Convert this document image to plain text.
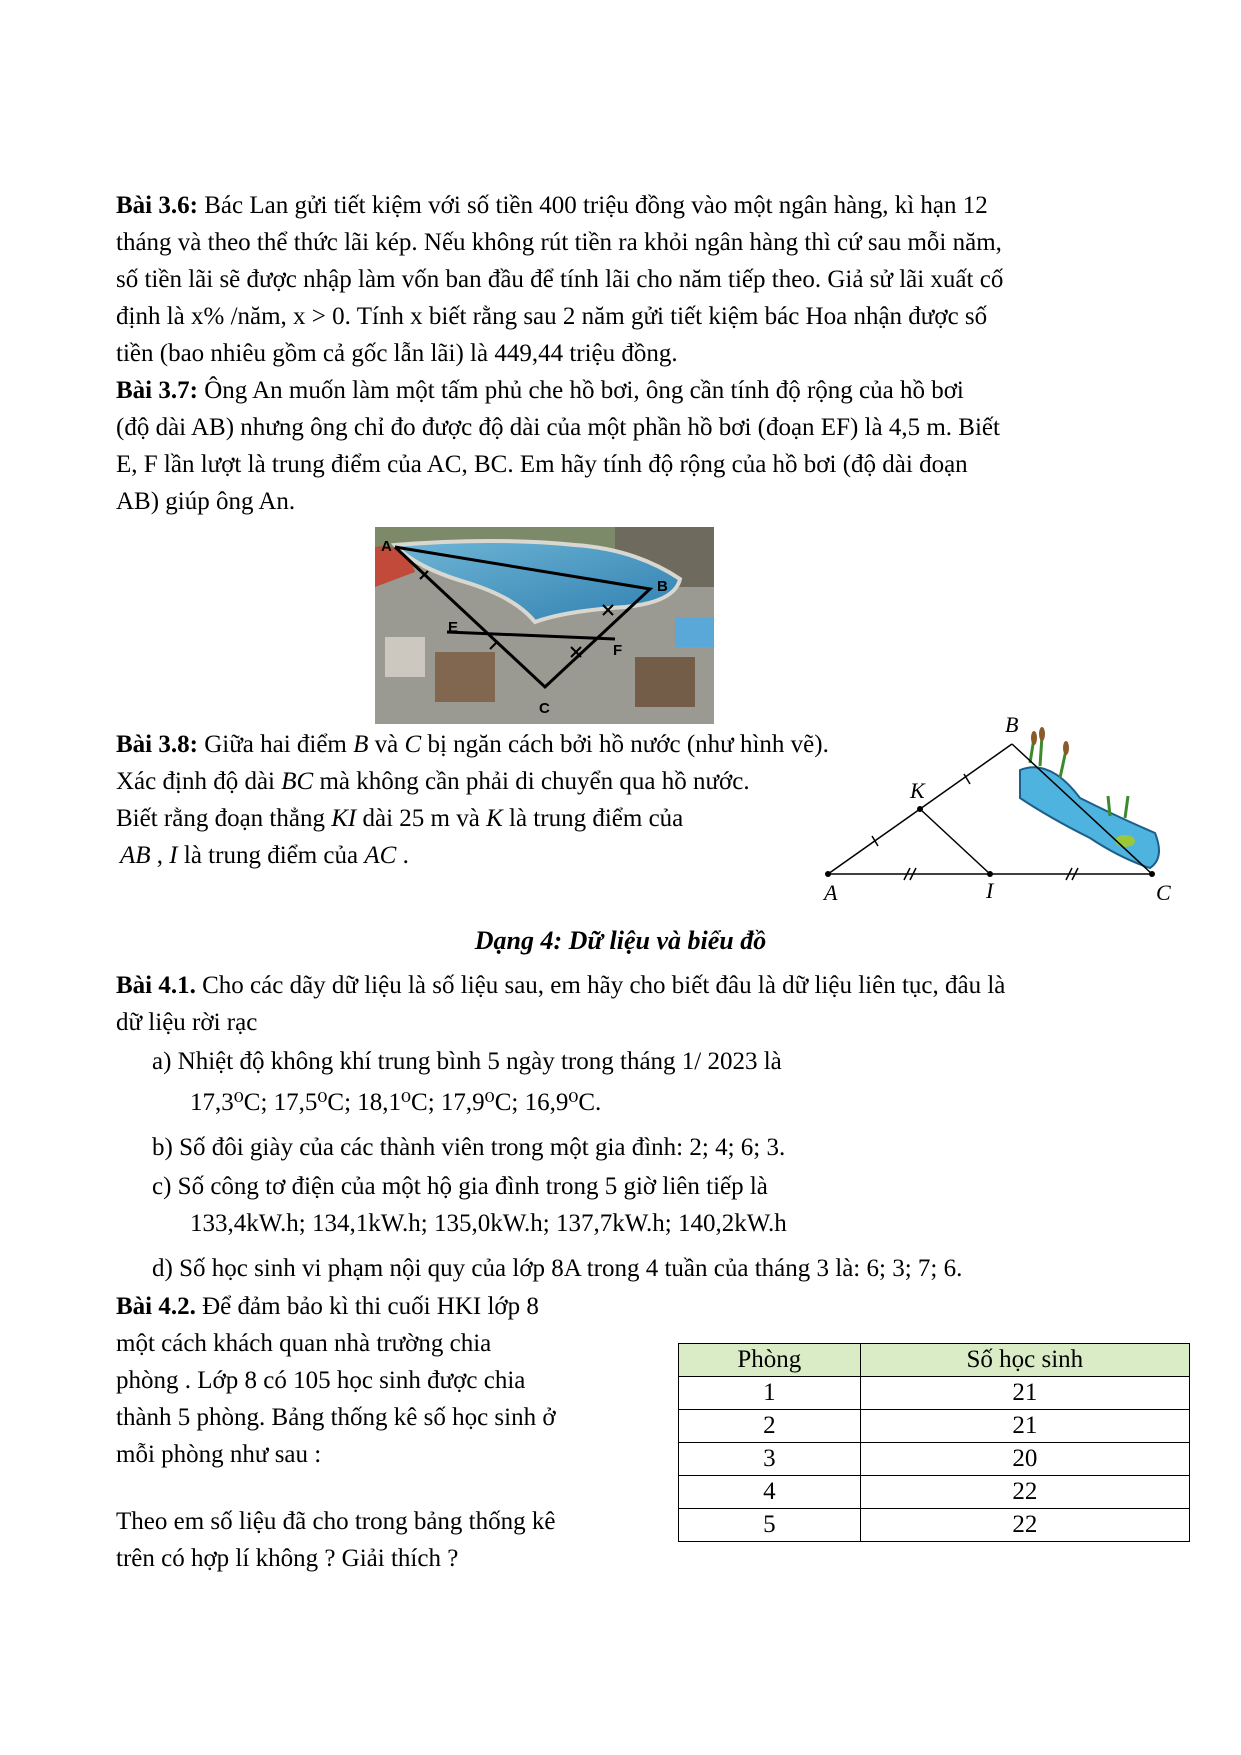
Bài 3.6: Bác Lan gửi tiết kiệm với số tiền 400 triệu đồng vào một ngân hàng, kì hạn 12
tháng và theo thể thức lãi kép. Nếu không rút tiền ra khỏi ngân hàng thì cứ sau mỗi năm,
số tiền lãi sẽ được nhập làm vốn ban đầu để tính lãi cho năm tiếp theo. Giả sử lãi xuất cố
định là x% /năm, x > 0. Tính x biết rằng sau 2 năm gửi tiết kiệm bác Hoa nhận được số
tiền (bao nhiêu gồm cả gốc lẫn lãi) là 449,44 triệu đồng.
Bài 3.7: Ông An muốn làm một tấm phủ che hồ bơi, ông cần tính độ rộng của hồ bơi
(độ dài AB) nhưng ông chỉ đo được độ dài của một phần hồ bơi (đoạn EF) là 4,5 m. Biết
E, F lần lượt là trung điểm của AC, BC. Em hãy tính độ rộng của hồ bơi (độ dài đoạn
AB) giúp ông An.
A
B
C
E
F
Bài 3.8: Giữa hai điểm B và C bị ngăn cách bởi hồ nước (như hình vẽ).
Xác định độ dài BC mà không cần phải di chuyển qua hồ nước.
Biết rằng đoạn thẳng KI dài 25 m và K là trung điểm của
AB , I là trung điểm của AC .
A
B
C
K
I
Dạng 4: Dữ liệu và biểu đồ
Bài 4.1. Cho các dãy dữ liệu là số liệu sau, em hãy cho biết đâu là dữ liệu liên tục, đâu là
dữ liệu rời rạc
a) Nhiệt độ không khí trung bình 5 ngày trong tháng 1/ 2023 là
17,3⁰C; 17,5⁰C; 18,1⁰C; 17,9⁰C; 16,9⁰C.
b) Số đôi giày của các thành viên trong một gia đình: 2; 4; 6; 3.
c) Số công tơ điện của một hộ gia đình trong 5 giờ liên tiếp là
133,4kW.h; 134,1kW.h; 135,0kW.h; 137,7kW.h; 140,2kW.h
d) Số học sinh vi phạm nội quy của lớp 8A trong 4 tuần của tháng 3 là: 6; 3; 7; 6.
Bài 4.2. Để đảm bảo kì thi cuối HKI lớp 8
một cách khách quan nhà trường chia
phòng . Lớp 8 có 105 học sinh được chia
thành 5 phòng. Bảng thống kê số học sinh ở
mỗi phòng như sau :
Theo em số liệu đã cho trong bảng thống kê
trên có hợp lí không ? Giải thích ?
Phòng	Số học sinh
1	21
2	21
3	20
4	22
5	22
